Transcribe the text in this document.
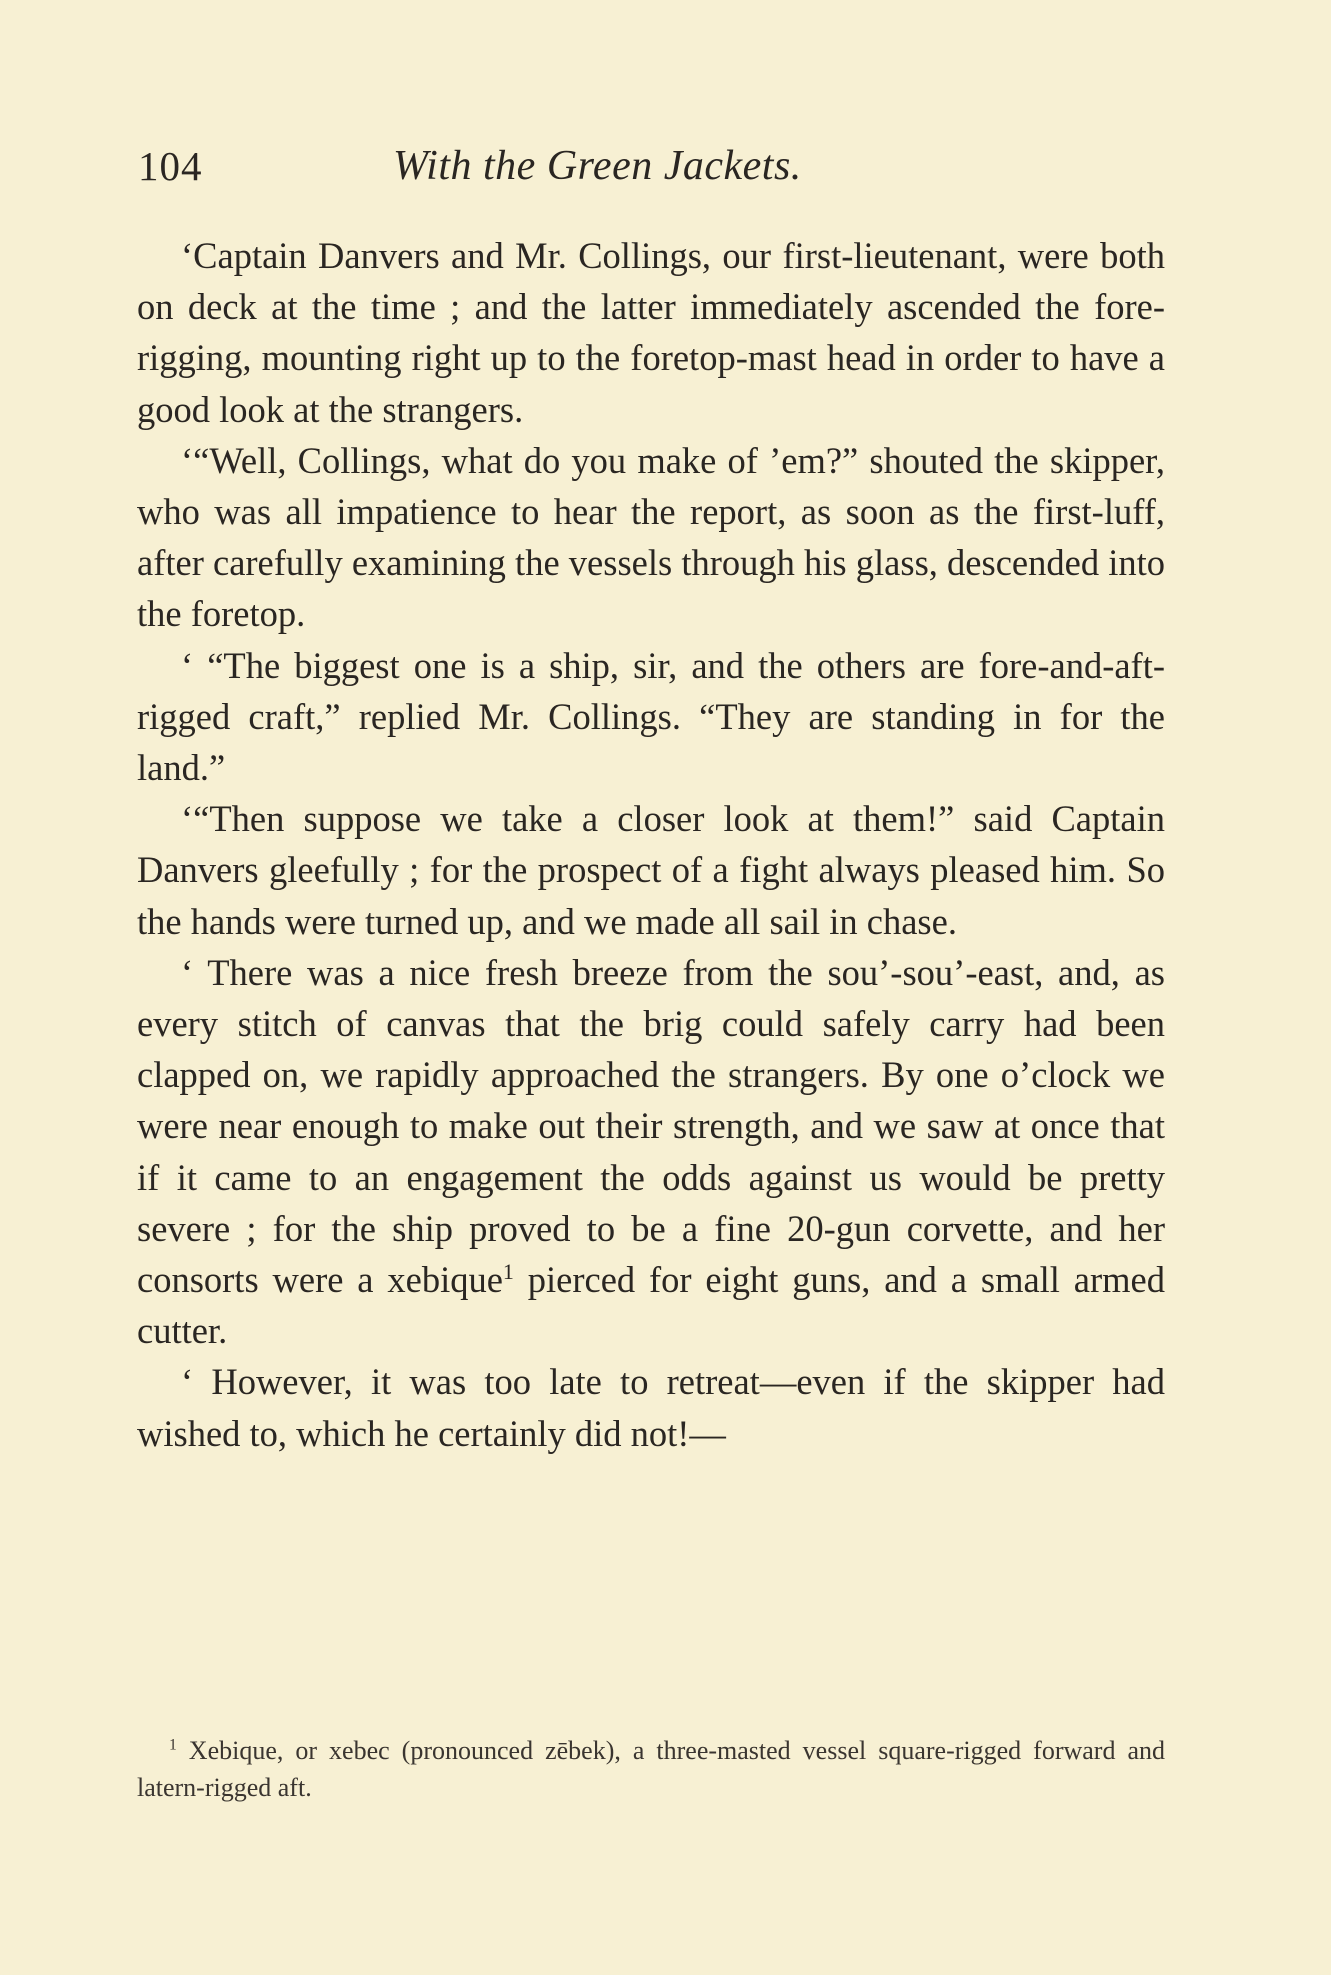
104	With the Green Jackets.

‘Captain Danvers and Mr. Collings, our first-lieutenant, were both on deck at the time ; and the latter immediately ascended the fore-rigging, mounting right up to the foretop-mast head in order to have a good look at the strangers.

‘“Well, Collings, what do you make of ’em?” shouted the skipper, who was all impatience to hear the report, as soon as the first-luff, after carefully examining the vessels through his glass, descended into the foretop.

‘ “The biggest one is a ship, sir, and the others are fore-and-aft-rigged craft,” replied Mr. Collings. “They are standing in for the land.”

‘“Then suppose we take a closer look at them!” said Captain Danvers gleefully ; for the prospect of a fight always pleased him. So the hands were turned up, and we made all sail in chase.

‘ There was a nice fresh breeze from the sou’-sou’-east, and, as every stitch of canvas that the brig could safely carry had been clapped on, we rapidly approached the strangers. By one o’clock we were near enough to make out their strength, and we saw at once that if it came to an engagement the odds against us would be pretty severe ; for the ship proved to be a fine 20-gun corvette, and her consorts were a xebique$^1$ pierced for eight guns, and a small armed cutter.

‘ However, it was too late to retreat—even if the skipper had wished to, which he certainly did not!—

$^1$ Xebique, or xebec (pronounced zēbek), a three-masted vessel square-rigged forward and latern-rigged aft.
